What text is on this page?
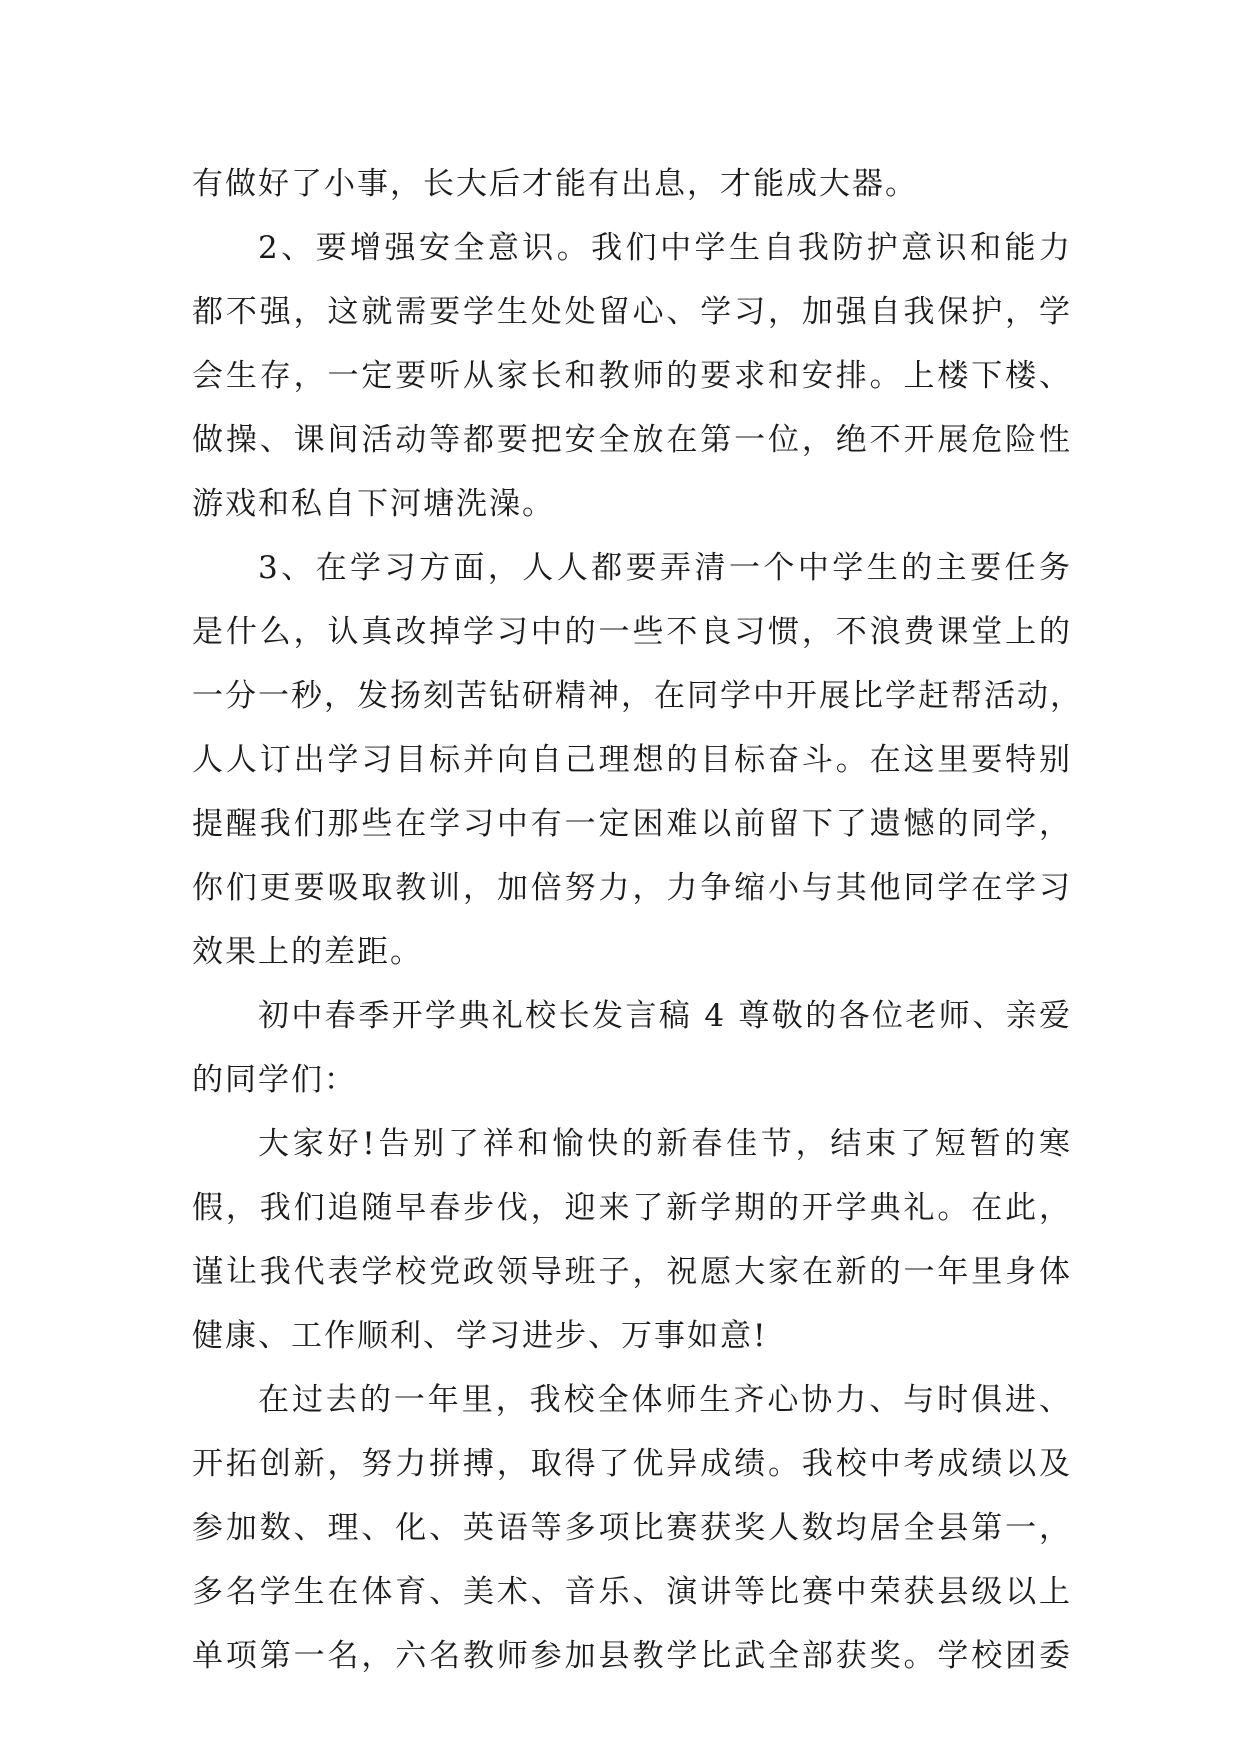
有做好了小事，长大后才能有出息，才能成大器。
2、要增强安全意识。我们中学生自我防护意识和能力
都不强，这就需要学生处处留心、学习，加强自我保护，学
会生存，一定要听从家长和教师的要求和安排。上楼下楼、
做操、课间活动等都要把安全放在第一位，绝不开展危险性
游戏和私自下河塘洗澡。
3、在学习方面，人人都要弄清一个中学生的主要任务
是什么，认真改掉学习中的一些不良习惯，不浪费课堂上的
一分一秒，发扬刻苦钻研精神，在同学中开展比学赶帮活动，
人人订出学习目标并向自己理想的目标奋斗。在这里要特别
提醒我们那些在学习中有一定困难以前留下了遗憾的同学，
你们更要吸取教训，加倍努力，力争缩小与其他同学在学习
效果上的差距。
初中春季开学典礼校长发言稿 4 尊敬的各位老师、亲爱
的同学们：
大家好!告别了祥和愉快的新春佳节，结束了短暂的寒
假，我们追随早春步伐，迎来了新学期的开学典礼。在此，
谨让我代表学校党政领导班子，祝愿大家在新的一年里身体
健康、工作顺利、学习进步、万事如意!
在过去的一年里，我校全体师生齐心协力、与时俱进、
开拓创新，努力拼搏，取得了优异成绩。我校中考成绩以及
参加数、理、化、英语等多项比赛获奖人数均居全县第一，
多名学生在体育、美术、音乐、演讲等比赛中荣获县级以上
单项第一名，六名教师参加县教学比武全部获奖。学校团委
